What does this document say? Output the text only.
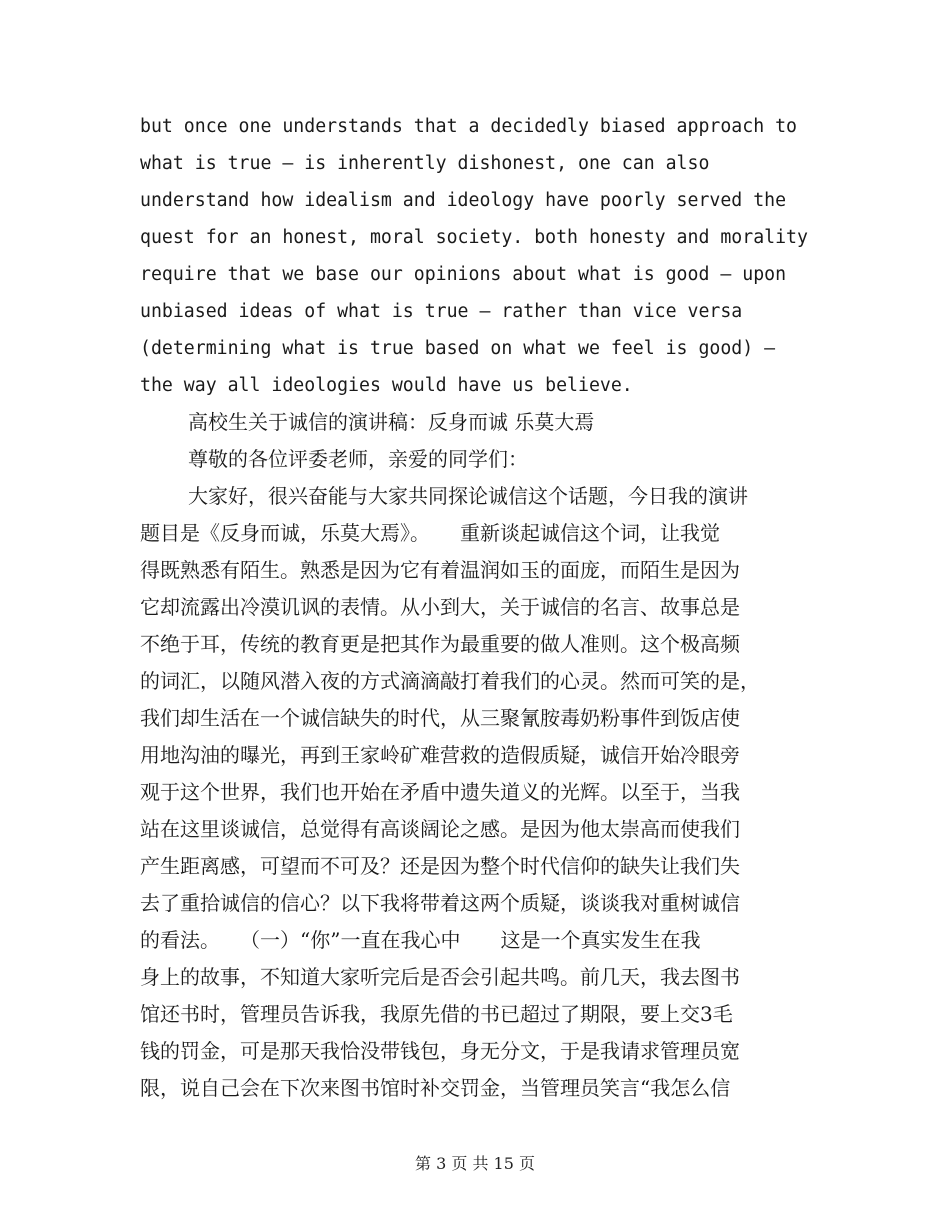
but once one understands that a decidedly biased approach to
what is true — is inherently dishonest, one can also
understand how idealism and ideology have poorly served the
quest for an honest, moral society. both honesty and morality
require that we base our opinions about what is good — upon
unbiased ideas of what is true — rather than vice versa
(determining what is true based on what we feel is good) —
the way all ideologies would have us believe.
高校生关于诚信的演讲稿：反身而诚 乐莫大焉
尊敬的各位评委老师，亲爱的同学们：
大家好，很兴奋能与大家共同探论诚信这个话题，今日我的演讲
题目是《反身而诚，乐莫大焉》。　　重新谈起诚信这个词，让我觉
得既熟悉有陌生。熟悉是因为它有着温润如玉的面庞，而陌生是因为
它却流露出冷漠讥讽的表情。从小到大，关于诚信的名言、故事总是
不绝于耳，传统的教育更是把其作为最重要的做人准则。这个极高频
的词汇，以随风潜入夜的方式滴滴敲打着我们的心灵。然而可笑的是，
我们却生活在一个诚信缺失的时代，从三聚氰胺毒奶粉事件到饭店使
用地沟油的曝光，再到王家岭矿难营救的造假质疑，诚信开始冷眼旁
观于这个世界，我们也开始在矛盾中遗失道义的光辉。以至于，当我
站在这里谈诚信，总觉得有高谈阔论之感。是因为他太崇高而使我们
产生距离感，可望而不可及？还是因为整个时代信仰的缺失让我们失
去了重拾诚信的信心？以下我将带着这两个质疑，谈谈我对重树诚信
的看法。　　（一）“你”一直在我心中　　这是一个真实发生在我
身上的故事，不知道大家听完后是否会引起共鸣。前几天，我去图书
馆还书时，管理员告诉我，我原先借的书已超过了期限，要上交3毛
钱的罚金，可是那天我恰没带钱包，身无分文，于是我请求管理员宽
限，说自己会在下次来图书馆时补交罚金，当管理员笑言“我怎么信
第 3 页 共 15 页
